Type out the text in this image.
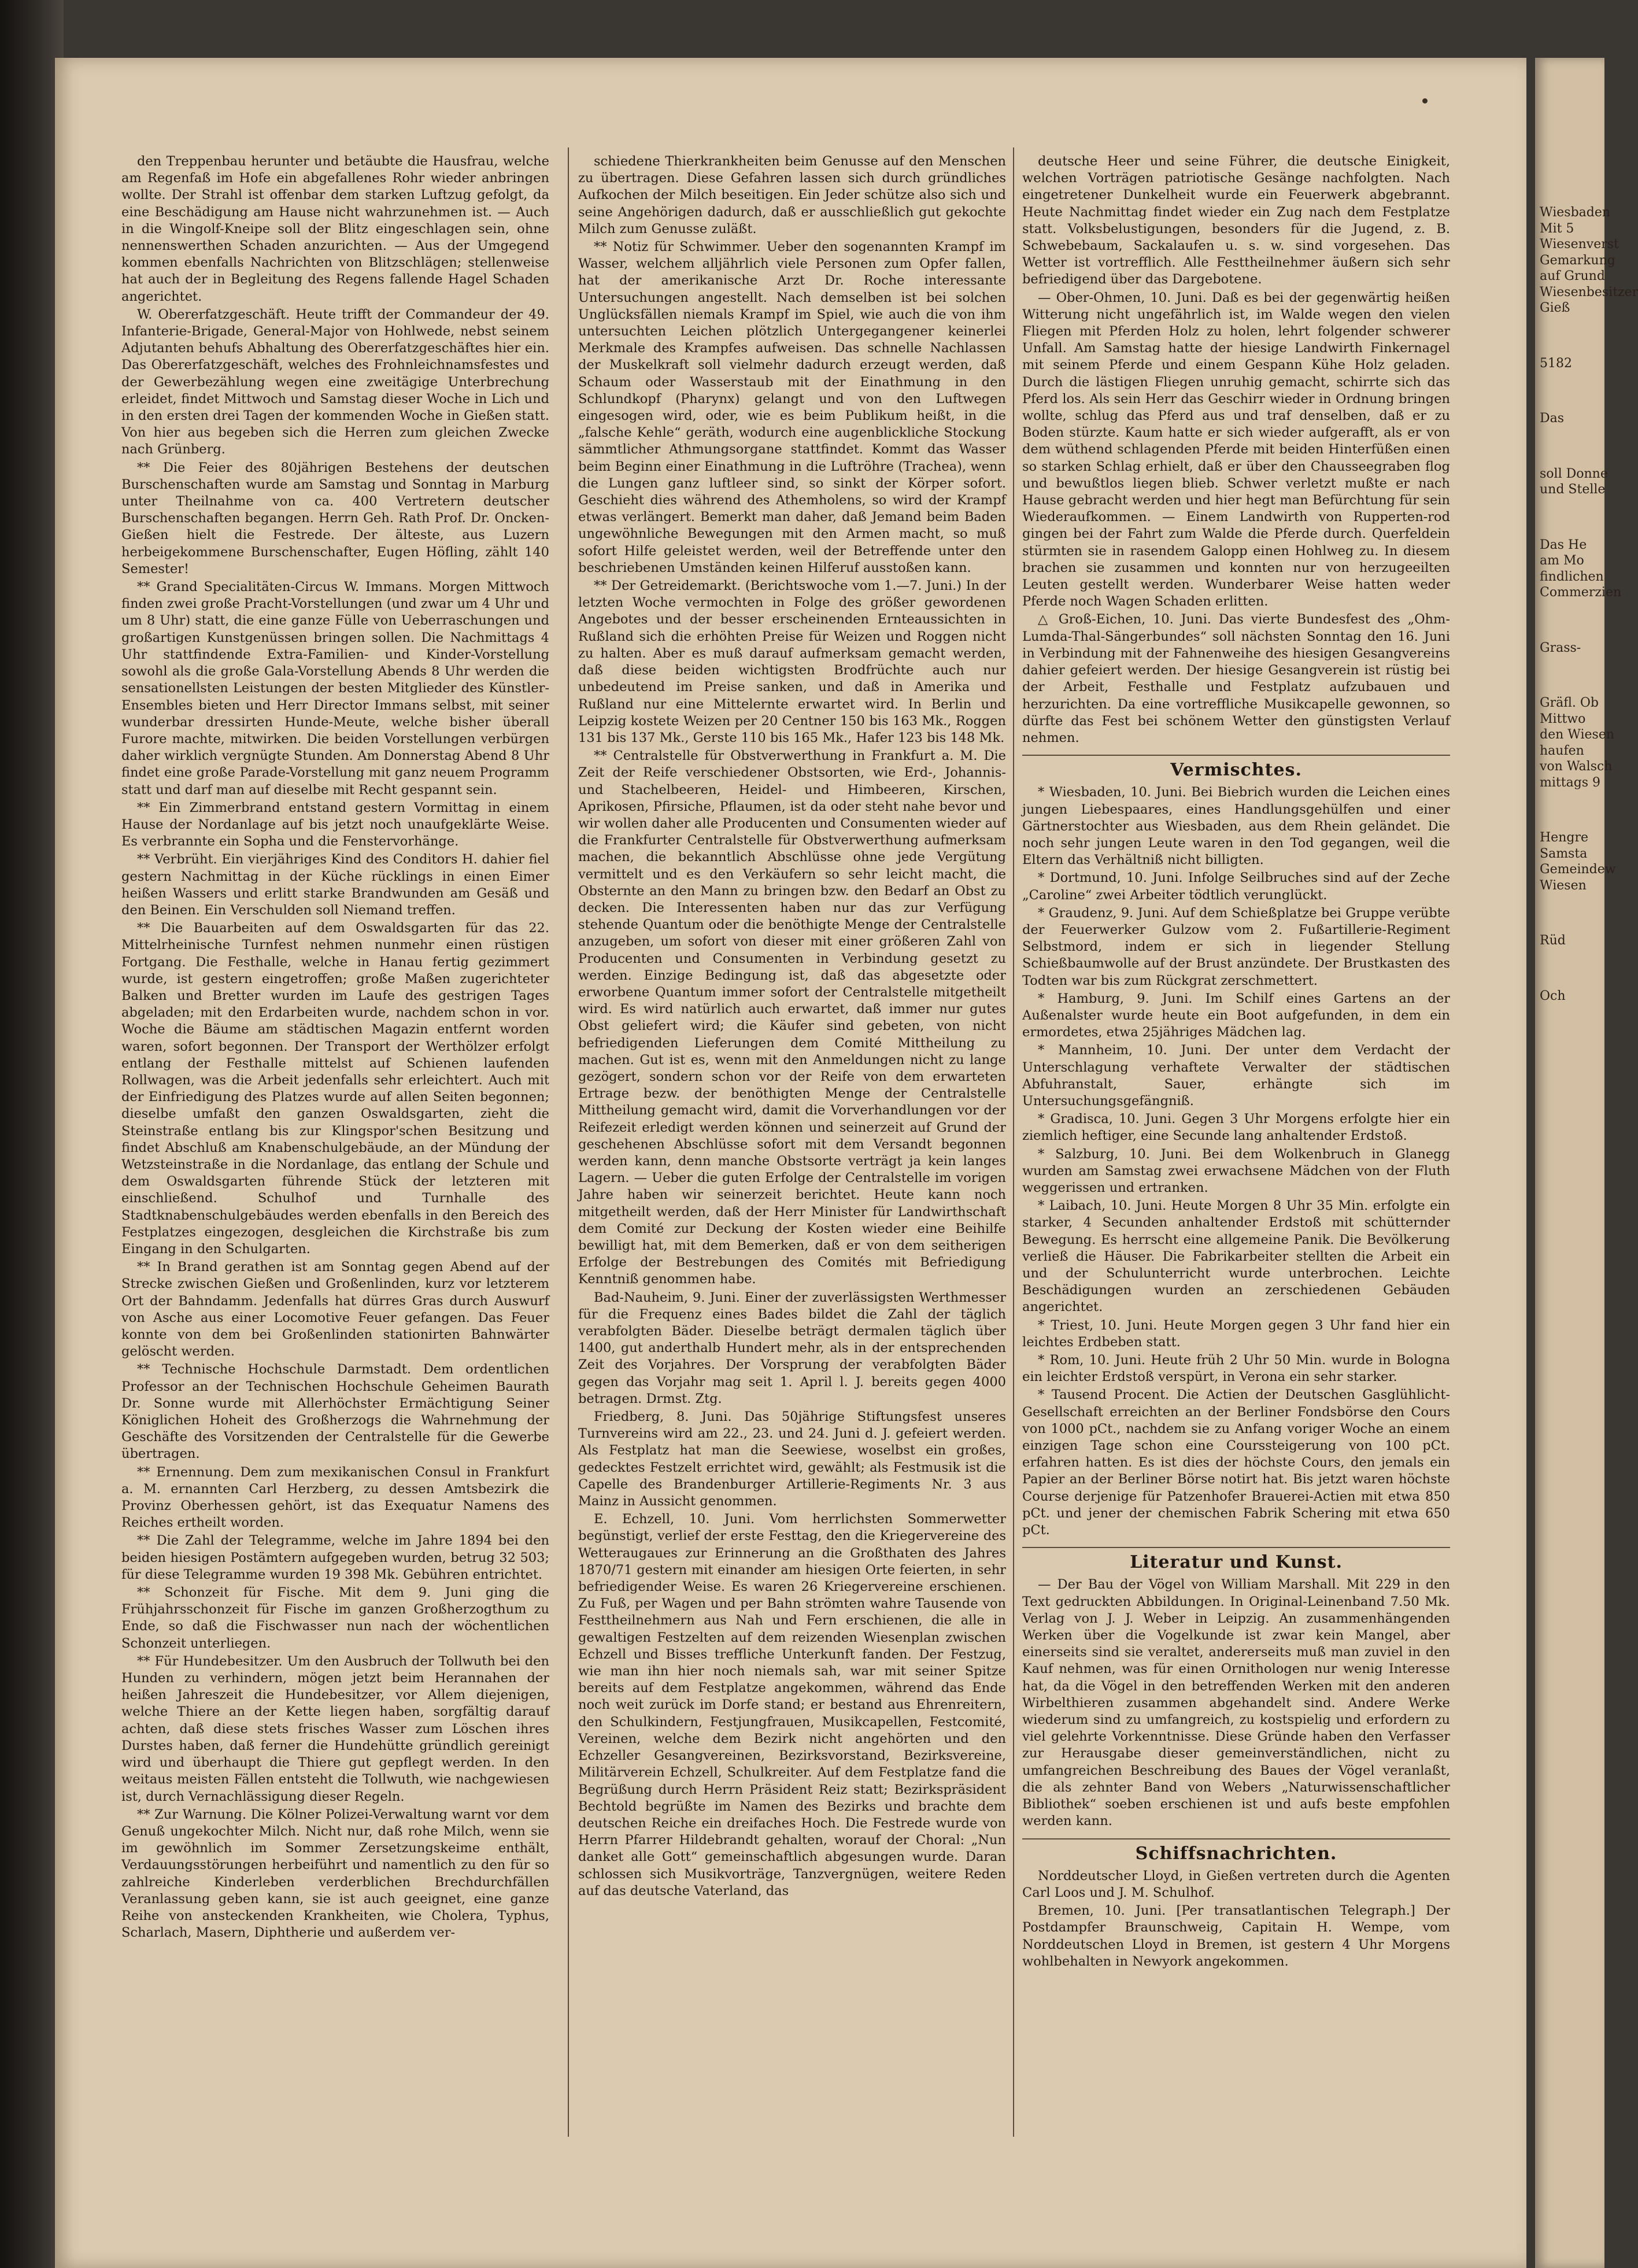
den Treppenbau herunter und betäubte die Hausfrau, welche am Regenfaß im Hofe ein abgefallenes Rohr wieder anbringen wollte. Der Strahl ist offenbar dem starken Luftzug gefolgt, da eine Beschädigung am Hause nicht wahrzunehmen ist. — Auch in die Wingolf-Kneipe soll der Blitz eingeschlagen sein, ohne nennenswerthen Schaden anzurichten. — Aus der Umgegend kommen ebenfalls Nachrichten von Blitzschlägen; stellenweise hat auch der in Begleitung des Regens fallende Hagel Schaden angerichtet.

W. Obererfatzgeschäft. Heute trifft der Commandeur der 49. Infanterie-Brigade, General-Major von Hohlwede, nebst seinem Adjutanten behufs Abhaltung des Obererfatzgeschäftes hier ein. Das Obererfatzgeschäft, welches des Frohnleichnamsfestes und der Gewerbezählung wegen eine zweitägige Unterbrechung erleidet, findet Mittwoch und Samstag dieser Woche in Lich und in den ersten drei Tagen der kommenden Woche in Gießen statt. Von hier aus begeben sich die Herren zum gleichen Zwecke nach Grünberg.

** Die Feier des 80jährigen Bestehens der deutschen Burschenschaften wurde am Samstag und Sonntag in Marburg unter Theilnahme von ca. 400 Vertretern deutscher Burschenschaften begangen. Herrn Geh. Rath Prof. Dr. Oncken-Gießen hielt die Festrede. Der älteste, aus Luzern herbeigekommene Burschenschafter, Eugen Höfling, zählt 140 Semester!

** Grand Specialitäten-Circus W. Immans. Morgen Mittwoch finden zwei große Pracht-Vorstellungen (und zwar um 4 Uhr und um 8 Uhr) statt, die eine ganze Fülle von Ueberraschungen und großartigen Kunstgenüssen bringen sollen. Die Nachmittags 4 Uhr stattfindende Extra-Familien- und Kinder-Vorstellung sowohl als die große Gala-Vorstellung Abends 8 Uhr werden die sensationellsten Leistungen der besten Mitglieder des Künstler-Ensembles bieten und Herr Director Immans selbst, mit seiner wunderbar dressirten Hunde-Meute, welche bisher überall Furore machte, mitwirken. Die beiden Vorstellungen verbürgen daher wirklich vergnügte Stunden. Am Donnerstag Abend 8 Uhr findet eine große Parade-Vorstellung mit ganz neuem Programm statt und darf man auf dieselbe mit Recht gespannt sein.

** Ein Zimmerbrand entstand gestern Vormittag in einem Hause der Nordanlage auf bis jetzt noch unaufgeklärte Weise. Es verbrannte ein Sopha und die Fenstervorhänge.

** Verbrüht. Ein vierjähriges Kind des Conditors H. dahier fiel gestern Nachmittag in der Küche rücklings in einen Eimer heißen Wassers und erlitt starke Brandwunden am Gesäß und den Beinen. Ein Verschulden soll Niemand treffen.

** Die Bauarbeiten auf dem Oswaldsgarten für das 22. Mittelrheinische Turnfest nehmen nunmehr einen rüstigen Fortgang. Die Festhalle, welche in Hanau fertig gezimmert wurde, ist gestern eingetroffen; große Maßen zugerichteter Balken und Bretter wurden im Laufe des gestrigen Tages abgeladen; mit den Erdarbeiten wurde, nachdem schon in vor. Woche die Bäume am städtischen Magazin entfernt worden waren, sofort begonnen. Der Transport der Werthölzer erfolgt entlang der Festhalle mittelst auf Schienen laufenden Rollwagen, was die Arbeit jedenfalls sehr erleichtert. Auch mit der Einfriedigung des Platzes wurde auf allen Seiten begonnen; dieselbe umfaßt den ganzen Oswaldsgarten, zieht die Steinstraße entlang bis zur Klingspor'schen Besitzung und findet Abschluß am Knabenschulgebäude, an der Mündung der Wetzsteinstraße in die Nordanlage, das entlang der Schule und dem Oswaldsgarten führende Stück der letzteren mit einschließend. Schulhof und Turnhalle des Stadtknabenschulgebäudes werden ebenfalls in den Bereich des Festplatzes eingezogen, desgleichen die Kirchstraße bis zum Eingang in den Schulgarten.

** In Brand gerathen ist am Sonntag gegen Abend auf der Strecke zwischen Gießen und Großenlinden, kurz vor letzterem Ort der Bahndamm. Jedenfalls hat dürres Gras durch Auswurf von Asche aus einer Locomotive Feuer gefangen. Das Feuer konnte von dem bei Großenlinden stationirten Bahnwärter gelöscht werden.

** Technische Hochschule Darmstadt. Dem ordentlichen Professor an der Technischen Hochschule Geheimen Baurath Dr. Sonne wurde mit Allerhöchster Ermächtigung Seiner Königlichen Hoheit des Großherzogs die Wahrnehmung der Geschäfte des Vorsitzenden der Centralstelle für die Gewerbe übertragen.

** Ernennung. Dem zum mexikanischen Consul in Frankfurt a. M. ernannten Carl Herzberg, zu dessen Amtsbezirk die Provinz Oberhessen gehört, ist das Exequatur Namens des Reiches ertheilt worden.

** Die Zahl der Telegramme, welche im Jahre 1894 bei den beiden hiesigen Postämtern aufgegeben wurden, betrug 32 503; für diese Telegramme wurden 19 398 Mk. Gebühren entrichtet.

** Schonzeit für Fische. Mit dem 9. Juni ging die Frühjahrsschonzeit für Fische im ganzen Großherzogthum zu Ende, so daß die Fischwasser nun nach der wöchentlichen Schonzeit unterliegen.

** Für Hundebesitzer. Um den Ausbruch der Tollwuth bei den Hunden zu verhindern, mögen jetzt beim Herannahen der heißen Jahreszeit die Hundebesitzer, vor Allem diejenigen, welche Thiere an der Kette liegen haben, sorgfältig darauf achten, daß diese stets frisches Wasser zum Löschen ihres Durstes haben, daß ferner die Hundehütte gründlich gereinigt wird und überhaupt die Thiere gut gepflegt werden. In den weitaus meisten Fällen entsteht die Tollwuth, wie nachgewiesen ist, durch Vernachlässigung dieser Regeln.

** Zur Warnung. Die Kölner Polizei-Verwaltung warnt vor dem Genuß ungekochter Milch. Nicht nur, daß rohe Milch, wenn sie im gewöhnlich im Sommer Zersetzungskeime enthält, Verdauungsstörungen herbeiführt und namentlich zu den für so zahlreiche Kinderleben verderblichen Brechdurchfällen Veranlassung geben kann, sie ist auch geeignet, eine ganze Reihe von ansteckenden Krankheiten, wie Cholera, Typhus, Scharlach, Masern, Diphtherie und außerdem ver-

schiedene Thierkrankheiten beim Genusse auf den Menschen zu übertragen. Diese Gefahren lassen sich durch gründliches Aufkochen der Milch beseitigen. Ein Jeder schütze also sich und seine Angehörigen dadurch, daß er ausschließlich gut gekochte Milch zum Genusse zuläßt.

** Notiz für Schwimmer. Ueber den sogenannten Krampf im Wasser, welchem alljährlich viele Personen zum Opfer fallen, hat der amerikanische Arzt Dr. Roche interessante Untersuchungen angestellt. Nach demselben ist bei solchen Unglücksfällen niemals Krampf im Spiel, wie auch die von ihm untersuchten Leichen plötzlich Untergegangener keinerlei Merkmale des Krampfes aufweisen. Das schnelle Nachlassen der Muskelkraft soll vielmehr dadurch erzeugt werden, daß Schaum oder Wasserstaub mit der Einathmung in den Schlundkopf (Pharynx) gelangt und von den Luftwegen eingesogen wird, oder, wie es beim Publikum heißt, in die „falsche Kehle“ geräth, wodurch eine augenblickliche Stockung sämmtlicher Athmungsorgane stattfindet. Kommt das Wasser beim Beginn einer Einathmung in die Luftröhre (Trachea), wenn die Lungen ganz luftleer sind, so sinkt der Körper sofort. Geschieht dies während des Athemholens, so wird der Krampf etwas verlängert. Bemerkt man daher, daß Jemand beim Baden ungewöhnliche Bewegungen mit den Armen macht, so muß sofort Hilfe geleistet werden, weil der Betreffende unter den beschriebenen Umständen keinen Hilferuf ausstoßen kann.

** Der Getreidemarkt. (Berichtswoche vom 1.—7. Juni.) In der letzten Woche vermochten in Folge des größer gewordenen Angebotes und der besser erscheinenden Ernteaussichten in Rußland sich die erhöhten Preise für Weizen und Roggen nicht zu halten. Aber es muß darauf aufmerksam gemacht werden, daß diese beiden wichtigsten Brodfrüchte auch nur unbedeutend im Preise sanken, und daß in Amerika und Rußland nur eine Mittelernte erwartet wird. In Berlin und Leipzig kostete Weizen per 20 Centner 150 bis 163 Mk., Roggen 131 bis 137 Mk., Gerste 110 bis 165 Mk., Hafer 123 bis 148 Mk.

** Centralstelle für Obstverwerthung in Frankfurt a. M. Die Zeit der Reife verschiedener Obstsorten, wie Erd-, Johannis- und Stachelbeeren, Heidel- und Himbeeren, Kirschen, Aprikosen, Pfirsiche, Pflaumen, ist da oder steht nahe bevor und wir wollen daher alle Producenten und Consumenten wieder auf die Frankfurter Centralstelle für Obstverwerthung aufmerksam machen, die bekanntlich Abschlüsse ohne jede Vergütung vermittelt und es den Verkäufern so sehr leicht macht, die Obsternte an den Mann zu bringen bzw. den Bedarf an Obst zu decken. Die Interessenten haben nur das zur Verfügung stehende Quantum oder die benöthigte Menge der Centralstelle anzugeben, um sofort von dieser mit einer größeren Zahl von Producenten und Consumenten in Verbindung gesetzt zu werden. Einzige Bedingung ist, daß das abgesetzte oder erworbene Quantum immer sofort der Centralstelle mitgetheilt wird. Es wird natürlich auch erwartet, daß immer nur gutes Obst geliefert wird; die Käufer sind gebeten, von nicht befriedigenden Lieferungen dem Comité Mittheilung zu machen. Gut ist es, wenn mit den Anmeldungen nicht zu lange gezögert, sondern schon vor der Reife von dem erwarteten Ertrage bezw. der benöthigten Menge der Centralstelle Mittheilung gemacht wird, damit die Vorverhandlungen vor der Reifezeit erledigt werden können und seinerzeit auf Grund der geschehenen Abschlüsse sofort mit dem Versandt begonnen werden kann, denn manche Obstsorte verträgt ja kein langes Lagern. — Ueber die guten Erfolge der Centralstelle im vorigen Jahre haben wir seinerzeit berichtet. Heute kann noch mitgetheilt werden, daß der Herr Minister für Landwirthschaft dem Comité zur Deckung der Kosten wieder eine Beihilfe bewilligt hat, mit dem Bemerken, daß er von dem seitherigen Erfolge der Bestrebungen des Comités mit Befriedigung Kenntniß genommen habe.

Bad-Nauheim, 9. Juni. Einer der zuverlässigsten Werthmesser für die Frequenz eines Bades bildet die Zahl der täglich verabfolgten Bäder. Dieselbe beträgt dermalen täglich über 1400, gut anderthalb Hundert mehr, als in der entsprechenden Zeit des Vorjahres. Der Vorsprung der verabfolgten Bäder gegen das Vorjahr mag seit 1. April l. J. bereits gegen 4000 betragen. Drmst. Ztg.

Friedberg, 8. Juni. Das 50jährige Stiftungsfest unseres Turnvereins wird am 22., 23. und 24. Juni d. J. gefeiert werden. Als Festplatz hat man die Seewiese, woselbst ein großes, gedecktes Festzelt errichtet wird, gewählt; als Festmusik ist die Capelle des Brandenburger Artillerie-Regiments Nr. 3 aus Mainz in Aussicht genommen.

E. Echzell, 10. Juni. Vom herrlichsten Sommerwetter begünstigt, verlief der erste Festtag, den die Kriegervereine des Wetteraugaues zur Erinnerung an die Großthaten des Jahres 1870/71 gestern mit einander am hiesigen Orte feierten, in sehr befriedigender Weise. Es waren 26 Kriegervereine erschienen. Zu Fuß, per Wagen und per Bahn strömten wahre Tausende von Festtheilnehmern aus Nah und Fern erschienen, die alle in gewaltigen Festzelten auf dem reizenden Wiesenplan zwischen Echzell und Bisses treffliche Unterkunft fanden. Der Festzug, wie man ihn hier noch niemals sah, war mit seiner Spitze bereits auf dem Festplatze angekommen, während das Ende noch weit zurück im Dorfe stand; er bestand aus Ehrenreitern, den Schulkindern, Festjungfrauen, Musikcapellen, Festcomité, Vereinen, welche dem Bezirk nicht angehörten und den Echzeller Gesangvereinen, Bezirksvorstand, Bezirksvereine, Militärverein Echzell, Schulkreiter. Auf dem Festplatze fand die Begrüßung durch Herrn Präsident Reiz statt; Bezirkspräsident Bechtold begrüßte im Namen des Bezirks und brachte dem deutschen Reiche ein dreifaches Hoch. Die Festrede wurde von Herrn Pfarrer Hildebrandt gehalten, worauf der Choral: „Nun danket alle Gott“ gemeinschaftlich abgesungen wurde. Daran schlossen sich Musikvorträge, Tanzvergnügen, weitere Reden auf das deutsche Vaterland, das

deutsche Heer und seine Führer, die deutsche Einigkeit, welchen Vorträgen patriotische Gesänge nachfolgten. Nach eingetretener Dunkelheit wurde ein Feuerwerk abgebrannt. Heute Nachmittag findet wieder ein Zug nach dem Festplatze statt. Volksbelustigungen, besonders für die Jugend, z. B. Schwebebaum, Sackalaufen u. s. w. sind vorgesehen. Das Wetter ist vortrefflich. Alle Festtheilnehmer äußern sich sehr befriedigend über das Dargebotene.

— Ober-Ohmen, 10. Juni. Daß es bei der gegenwärtig heißen Witterung nicht ungefährlich ist, im Walde wegen den vielen Fliegen mit Pferden Holz zu holen, lehrt folgender schwerer Unfall. Am Samstag hatte der hiesige Landwirth Finkernagel mit seinem Pferde und einem Gespann Kühe Holz geladen. Durch die lästigen Fliegen unruhig gemacht, schirrte sich das Pferd los. Als sein Herr das Geschirr wieder in Ordnung bringen wollte, schlug das Pferd aus und traf denselben, daß er zu Boden stürzte. Kaum hatte er sich wieder aufgerafft, als er von dem wüthend schlagenden Pferde mit beiden Hinterfüßen einen so starken Schlag erhielt, daß er über den Chausseegraben flog und bewußtlos liegen blieb. Schwer verletzt mußte er nach Hause gebracht werden und hier hegt man Befürchtung für sein Wiederaufkommen. — Einem Landwirth von Rupperten-rod gingen bei der Fahrt zum Walde die Pferde durch. Querfeldein stürmten sie in rasendem Galopp einen Hohlweg zu. In diesem brachen sie zusammen und konnten nur von herzugeeilten Leuten gestellt werden. Wunderbarer Weise hatten weder Pferde noch Wagen Schaden erlitten.

△ Groß-Eichen, 10. Juni. Das vierte Bundesfest des „Ohm-Lumda-Thal-Sängerbundes“ soll nächsten Sonntag den 16. Juni in Verbindung mit der Fahnenweihe des hiesigen Gesangvereins dahier gefeiert werden. Der hiesige Gesangverein ist rüstig bei der Arbeit, Festhalle und Festplatz aufzubauen und herzurichten. Da eine vortreffliche Musikcapelle gewonnen, so dürfte das Fest bei schönem Wetter den günstigsten Verlauf nehmen.

Vermischtes.

* Wiesbaden, 10. Juni. Bei Biebrich wurden die Leichen eines jungen Liebespaares, eines Handlungsgehülfen und einer Gärtnerstochter aus Wiesbaden, aus dem Rhein geländet. Die noch sehr jungen Leute waren in den Tod gegangen, weil die Eltern das Verhältniß nicht billigten.

* Dortmund, 10. Juni. Infolge Seilbruches sind auf der Zeche „Caroline“ zwei Arbeiter tödtlich verunglückt.

* Graudenz, 9. Juni. Auf dem Schießplatze bei Gruppe verübte der Feuerwerker Gulzow vom 2. Fußartillerie-Regiment Selbstmord, indem er sich in liegender Stellung Schießbaumwolle auf der Brust anzündete. Der Brustkasten des Todten war bis zum Rückgrat zerschmettert.

* Hamburg, 9. Juni. Im Schilf eines Gartens an der Außenalster wurde heute ein Boot aufgefunden, in dem ein ermordetes, etwa 25jähriges Mädchen lag.

* Mannheim, 10. Juni. Der unter dem Verdacht der Unterschlagung verhaftete Verwalter der städtischen Abfuhranstalt, Sauer, erhängte sich im Untersuchungsgefängniß.

* Gradisca, 10. Juni. Gegen 3 Uhr Morgens erfolgte hier ein ziemlich heftiger, eine Secunde lang anhaltender Erdstoß.

* Salzburg, 10. Juni. Bei dem Wolkenbruch in Glanegg wurden am Samstag zwei erwachsene Mädchen von der Fluth weggerissen und ertranken.

* Laibach, 10. Juni. Heute Morgen 8 Uhr 35 Min. erfolgte ein starker, 4 Secunden anhaltender Erdstoß mit schütternder Bewegung. Es herrscht eine allgemeine Panik. Die Bevölkerung verließ die Häuser. Die Fabrikarbeiter stellten die Arbeit ein und der Schulunterricht wurde unterbrochen. Leichte Beschädigungen wurden an zerschiedenen Gebäuden angerichtet.

* Triest, 10. Juni. Heute Morgen gegen 3 Uhr fand hier ein leichtes Erdbeben statt.

* Rom, 10. Juni. Heute früh 2 Uhr 50 Min. wurde in Bologna ein leichter Erdstoß verspürt, in Verona ein sehr starker.

* Tausend Procent. Die Actien der Deutschen Gasglühlicht-Gesellschaft erreichten an der Berliner Fondsbörse den Cours von 1000 pCt., nachdem sie zu Anfang voriger Woche an einem einzigen Tage schon eine Courssteigerung von 100 pCt. erfahren hatten. Es ist dies der höchste Cours, den jemals ein Papier an der Berliner Börse notirt hat. Bis jetzt waren höchste Course derjenige für Patzenhofer Brauerei-Actien mit etwa 850 pCt. und jener der chemischen Fabrik Schering mit etwa 650 pCt.

Literatur und Kunst.

— Der Bau der Vögel von William Marshall. Mit 229 in den Text gedruckten Abbildungen. In Original-Leinenband 7.50 Mk. Verlag von J. J. Weber in Leipzig. An zusammenhängenden Werken über die Vogelkunde ist zwar kein Mangel, aber einerseits sind sie veraltet, andererseits muß man zuviel in den Kauf nehmen, was für einen Ornithologen nur wenig Interesse hat, da die Vögel in den betreffenden Werken mit den anderen Wirbelthieren zusammen abgehandelt sind. Andere Werke wiederum sind zu umfangreich, zu kostspielig und erfordern zu viel gelehrte Vorkenntnisse. Diese Gründe haben den Verfasser zur Herausgabe dieser gemeinverständlichen, nicht zu umfangreichen Beschreibung des Baues der Vögel veranlaßt, die als zehnter Band von Webers „Naturwissenschaftlicher Bibliothek“ soeben erschienen ist und aufs beste empfohlen werden kann.

Schiffsnachrichten.

Norddeutscher Lloyd, in Gießen vertreten durch die Agenten Carl Loos und J. M. Schulhof.

Bremen, 10. Juni. [Per transatlantischen Telegraph.] Der Postdampfer Braunschweig, Capitain H. Wempe, vom Norddeutschen Lloyd in Bremen, ist gestern 4 Uhr Morgens wohlbehalten in Newyork angekommen.

Wiesbaden
Mit 5
Wiesenverst
Gemarkung
auf Grund
Wiesenbesitzer
Gieß
5182
Das
soll Donne
und Stelle
Das He
am Mo
findlichen
Commerzien
Grass-
Gräfl. Ob
Mittwo
den Wiesen
haufen
von Walsch
mittags 9
Hengre
Samsta
Gemeindew
Wiesen
Rüd
Och
